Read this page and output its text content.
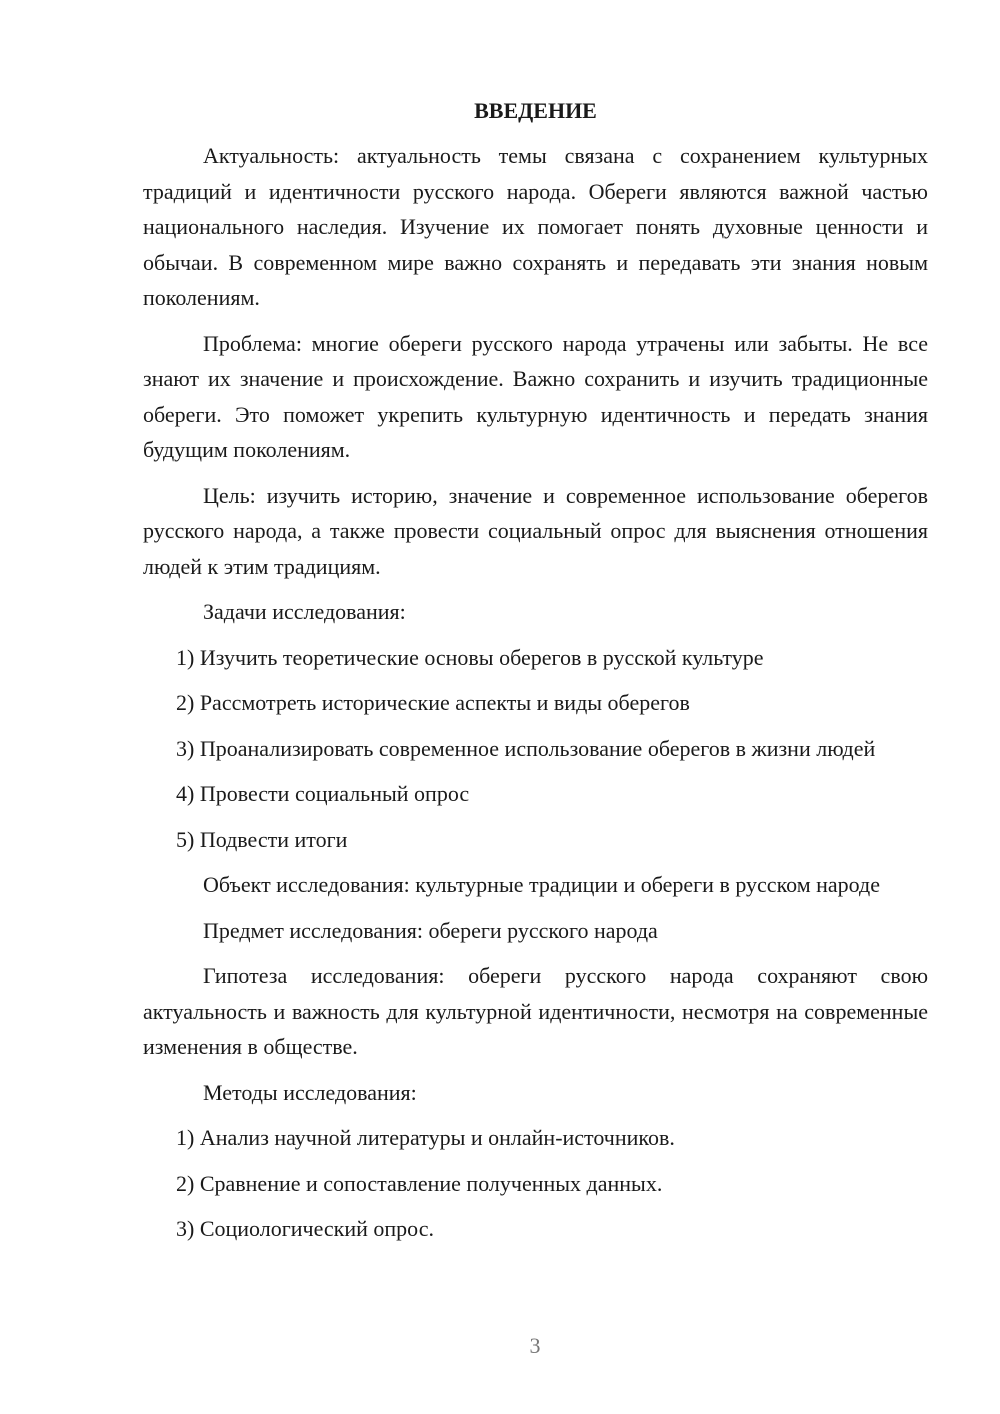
ВВЕДЕНИЕ

Актуальность: актуальность темы связана с сохранением культурных традиций и идентичности русского народа. Обереги являются важной частью национального наследия. Изучение их помогает понять духовные ценности и обычаи. В современном мире важно сохранять и передавать эти знания новым поколениям.

Проблема: многие обереги русского народа утрачены или забыты. Не все знают их значение и происхождение. Важно сохранить и изучить традиционные обереги. Это поможет укрепить культурную идентичность и передать знания будущим поколениям.

Цель: изучить историю, значение и современное использование оберегов русского народа, а также провести социальный опрос для выяснения отношения людей к этим традициям.

Задачи исследования:

1) Изучить теоретические основы оберегов в русской культуре

2) Рассмотреть исторические аспекты и виды оберегов

3) Проанализировать современное использование оберегов в жизни людей

4) Провести социальный опрос

5) Подвести итоги

Объект исследования: культурные традиции и обереги в русском народе

Предмет исследования: обереги русского народа

Гипотеза исследования: обереги русского народа сохраняют свою актуальность и важность для культурной идентичности, несмотря на современные изменения в обществе.

Методы исследования:

1) Анализ научной литературы и онлайн-источников.

2) Сравнение и сопоставление полученных данных.

3) Социологический опрос.

3
